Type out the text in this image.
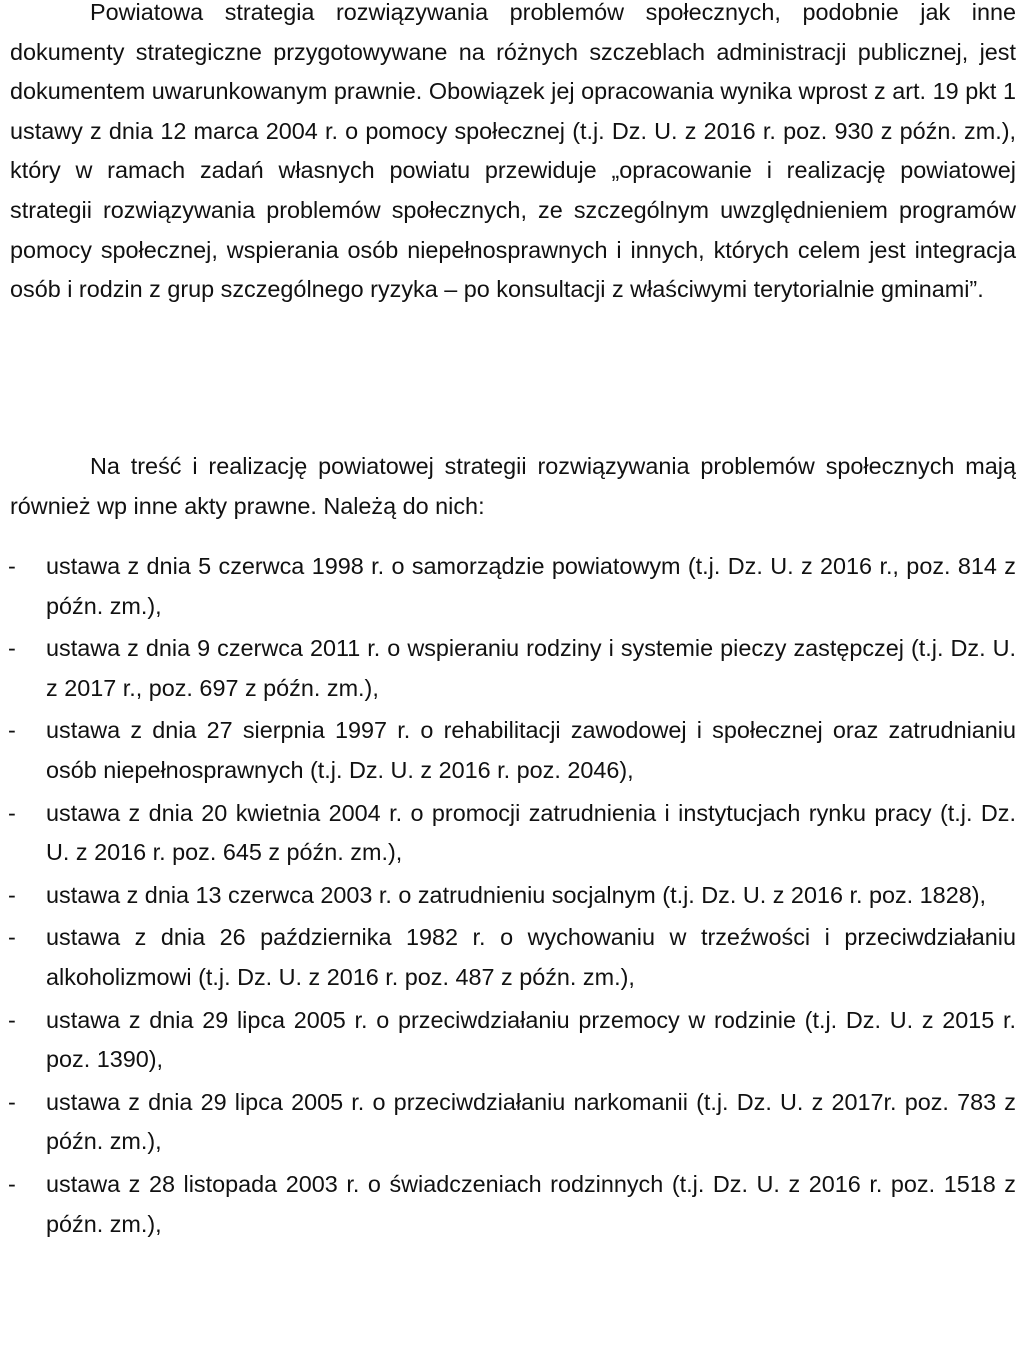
Powiatowa strategia rozwiązywania problemów społecznych, podobnie jak inne dokumenty strategiczne przygotowywane na różnych szczeblach administracji publicznej, jest dokumentem uwarunkowanym prawnie. Obowiązek jej opracowania wynika wprost z art. 19 pkt 1 ustawy z dnia 12 marca 2004 r. o pomocy społecznej (t.j. Dz. U. z 2016 r. poz. 930 z późn. zm.), który w ramach zadań własnych powiatu przewiduje „opracowanie i realizację powiatowej strategii rozwiązywania problemów społecznych, ze szczególnym uwzględnieniem programów pomocy społecznej, wspierania osób niepełnosprawnych i innych, których celem jest integracja osób i rodzin z grup szczególnego ryzyka – po konsultacji z właściwymi terytorialnie gminami”.

Na treść i realizację powiatowej strategii rozwiązywania problemów społecznych mają również wp inne akty prawne. Należą do nich:

- ustawa z dnia 5 czerwca 1998 r. o samorządzie powiatowym (t.j. Dz. U. z 2016 r., poz. 814 z późn. zm.),
- ustawa z dnia 9 czerwca 2011 r. o wspieraniu rodziny i systemie pieczy zastępczej (t.j. Dz. U. z 2017 r., poz. 697 z późn. zm.),
- ustawa z dnia 27 sierpnia 1997 r. o rehabilitacji zawodowej i społecznej oraz zatrudnianiu osób niepełnosprawnych (t.j. Dz. U. z 2016 r. poz. 2046),
- ustawa z dnia 20 kwietnia 2004 r. o promocji zatrudnienia i instytucjach rynku pracy (t.j. Dz. U. z 2016 r. poz. 645 z późn. zm.),
- ustawa z dnia 13 czerwca 2003 r. o zatrudnieniu socjalnym (t.j. Dz. U. z 2016 r. poz. 1828),
- ustawa z dnia 26 października 1982 r. o wychowaniu w trzeźwości i przeciwdziałaniu alkoholizmowi (t.j. Dz. U. z 2016 r. poz. 487 z późn. zm.),
- ustawa z dnia 29 lipca 2005 r. o przeciwdziałaniu przemocy w rodzinie (t.j. Dz. U. z 2015 r. poz. 1390),
- ustawa z dnia 29 lipca 2005 r. o przeciwdziałaniu narkomanii (t.j. Dz. U. z 2017r. poz. 783 z późn. zm.),
- ustawa z 28 listopada 2003 r. o świadczeniach rodzinnych (t.j. Dz. U. z 2016 r. poz. 1518 z późn. zm.),
